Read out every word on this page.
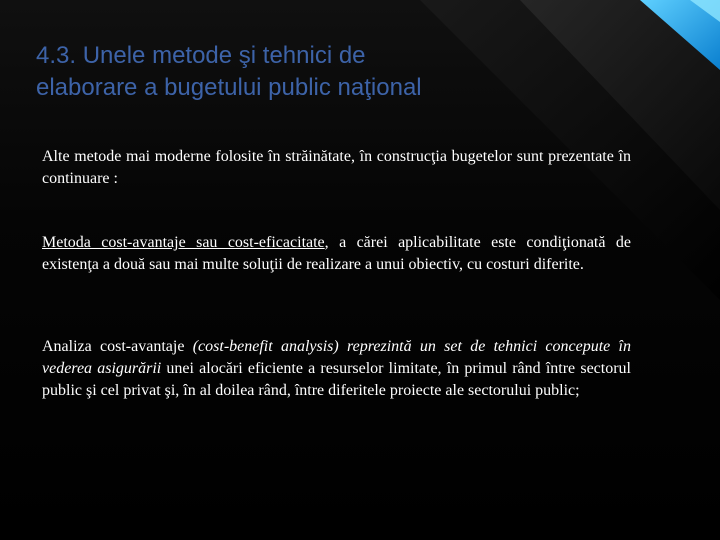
4.3. Unele metode şi tehnici de
elaborare a bugetului public naţional

Alte metode mai moderne folosite în străinătate, în construcţia bugetelor sunt prezentate în continuare :

Metoda cost-avantaje sau cost-eficacitate, a cărei aplicabilitate este condiţionată de existenţa a două sau mai multe soluţii de realizare a unui obiectiv, cu costuri diferite.

Analiza cost-avantaje (cost-benefit analysis) reprezintă un set de tehnici concepute în vederea asigurării unei alocări eficiente a resurselor limitate, în primul rând între sectorul public şi cel privat şi, în al doilea rând, între diferitele proiecte ale sectorului public;
